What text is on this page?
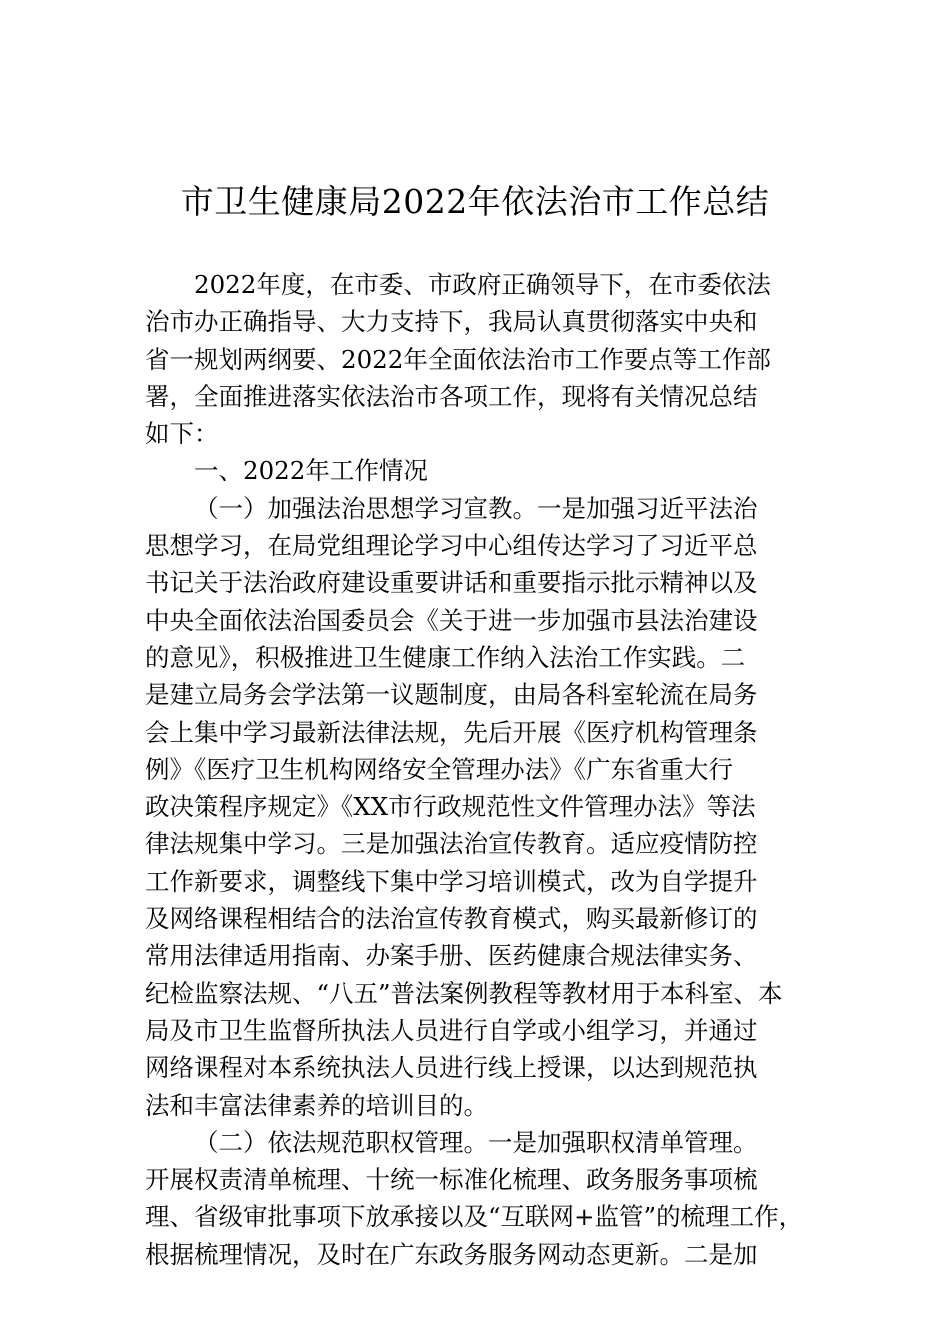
市卫生健康局2022年依法治市工作总结
2022年度，在市委、市政府正确领导下，在市委依法
治市办正确指导、大力支持下，我局认真贯彻落实中央和
省一规划两纲要、2022年全面依法治市工作要点等工作部
署，全面推进落实依法治市各项工作，现将有关情况总结
如下：
一、2022年工作情况
（一）加强法治思想学习宣教。一是加强习近平法治
思想学习，在局党组理论学习中心组传达学习了习近平总
书记关于法治政府建设重要讲话和重要指示批示精神以及
中央全面依法治国委员会《关于进一步加强市县法治建设
的意见》，积极推进卫生健康工作纳入法治工作实践。二
是建立局务会学法第一议题制度，由局各科室轮流在局务
会上集中学习最新法律法规，先后开展《医疗机构管理条
例》《医疗卫生机构网络安全管理办法》《广东省重大行
政决策程序规定》《XX市行政规范性文件管理办法》等法
律法规集中学习。三是加强法治宣传教育。适应疫情防控
工作新要求，调整线下集中学习培训模式，改为自学提升
及网络课程相结合的法治宣传教育模式，购买最新修订的
常用法律适用指南、办案手册、医药健康合规法律实务、
纪检监察法规、“八五”普法案例教程等教材用于本科室、本
局及市卫生监督所执法人员进行自学或小组学习，并通过
网络课程对本系统执法人员进行线上授课，以达到规范执
法和丰富法律素养的培训目的。
（二）依法规范职权管理。一是加强职权清单管理。
开展权责清单梳理、十统一标准化梳理、政务服务事项梳
理、省级审批事项下放承接以及“互联网+监管”的梳理工作，
根据梳理情况，及时在广东政务服务网动态更新。二是加
